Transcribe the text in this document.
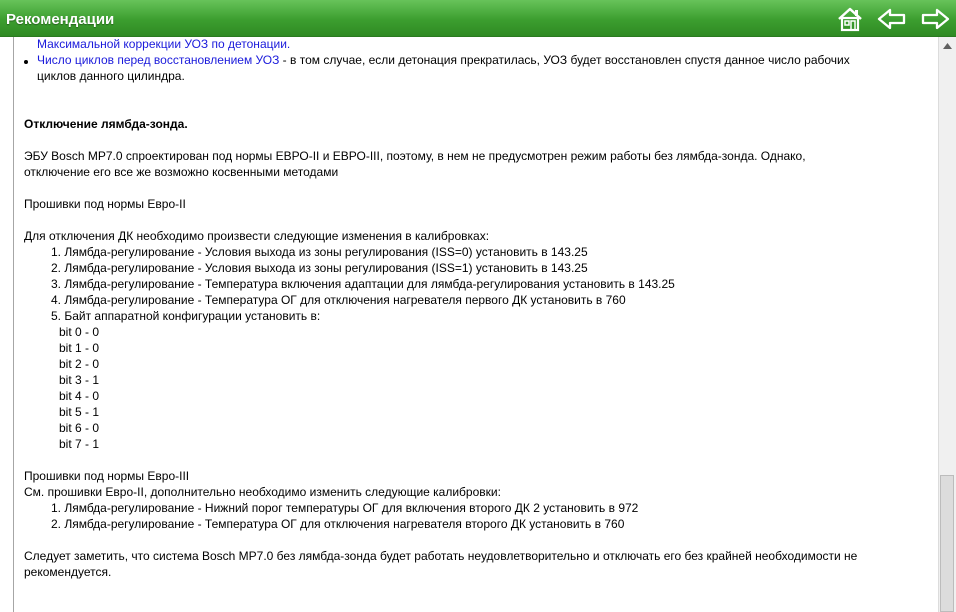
Рекомендации
Максимальной коррекции УОЗ по детонации.
Число циклов перед восстановлением УОЗ - в том случае, если детонация прекратилась, УОЗ будет восстановлен спустя данное число рабочих
циклов данного цилиндра.
Отключение лямбда-зонда.
ЭБУ Bosch MP7.0 спроектирован под нормы ЕВРО-II и ЕВРО-III, поэтому, в нем не предусмотрен режим работы без лямбда-зонда. Однако,
отключение его все же возможно косвенными методами
Прошивки под нормы Евро-II
Для отключения ДК необходимо произвести следующие изменения в калибровках:
1. Лямбда-регулирование - Условия выхода из зоны регулирования (ISS=0) установить в 143.25
2. Лямбда-регулирование - Условия выхода из зоны регулирования (ISS=1) установить в 143.25
3. Лямбда-регулирование - Температура включения адаптации для лямбда-регулирования установить в 143.25
4. Лямбда-регулирование - Температура ОГ для отключения нагревателя первого ДК установить в 760
5. Байт аппаратной конфигурации установить в:
bit 0 - 0
bit 1 - 0
bit 2 - 0
bit 3 - 1
bit 4 - 0
bit 5 - 1
bit 6 - 0
bit 7 - 1
Прошивки под нормы Евро-III
См. прошивки Евро-II, дополнительно необходимо изменить следующие калибровки:
1. Лямбда-регулирование - Нижний порог температуры ОГ для включения второго ДК 2 установить в 972
2. Лямбда-регулирование - Температура ОГ для отключения нагревателя второго ДК установить в 760
Следует заметить, что система Bosch MP7.0 без лямбда-зонда будет работать неудовлетворительно и отключать его без крайней необходимости не
рекомендуется.
